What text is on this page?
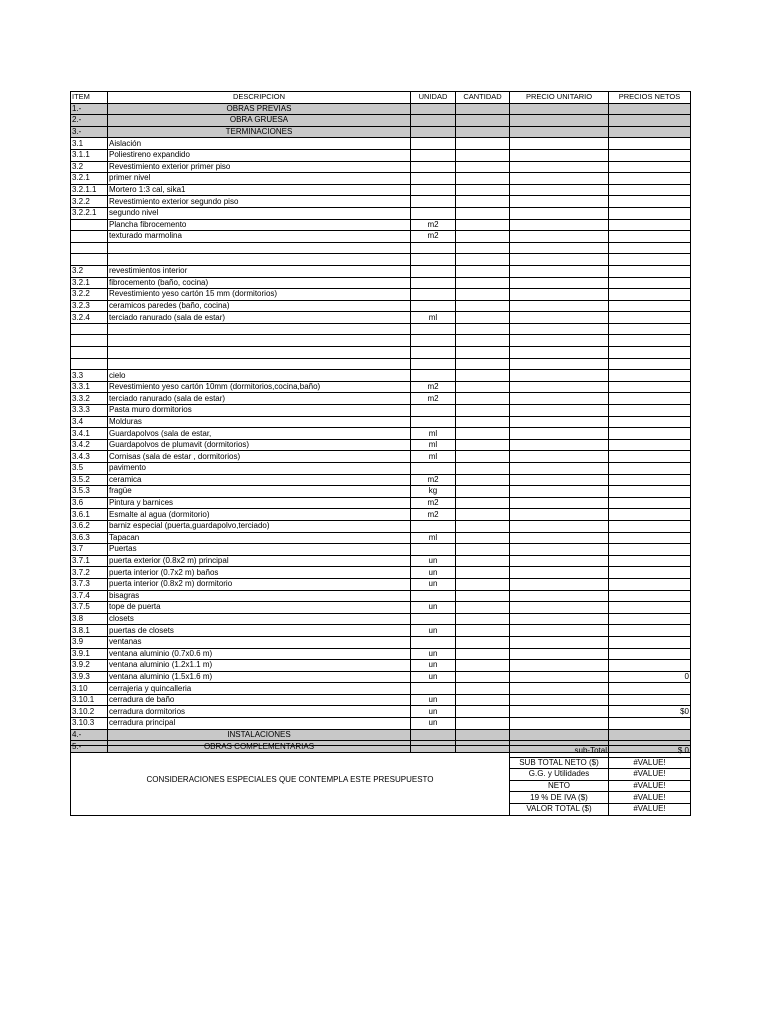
ITEM	DESCRIPCION	UNIDAD	CANTIDAD	PRECIO UNITARIO	PRECIOS NETOS
1.-	OBRAS PREVIAS				
2.-	OBRA GRUESA				
3.-	TERMINACIONES				
3.1	Aislación				
3.1.1	Poliestireno expandido				
3.2	Revestimiento exterior primer piso				
3.2.1	primer nivel				
3.2.1.1	Mortero 1:3 cal, sika1				
3.2.2	Revestimiento exterior segundo piso				
3.2.2.1	segundo nivel				
	Plancha fibrocemento	m2			
	texturado marmolina	m2			

3.2	revestimientos interior				
3.2.1	fibrocemento (baño, cocina)				
3.2.2	Revestimiento yeso cartón 15 mm (dormitorios)				
3.2.3	ceramicos paredes (baño, cocina)				
3.2.4	terciado ranurado (sala de estar)	ml			

3.3	cielo				
3.3.1	Revestimiento yeso cartón 10mm (dormitorios,cocina,baño)	m2			
3.3.2	terciado ranurado (sala de estar)	m2			
3.3.3	Pasta muro dormitorios				
3.4	Molduras				
3.4.1	Guardapolvos (sala de estar,	ml			
3.4.2	Guardapolvos de plumavit (dormitorios)	ml			
3.4.3	Cornisas (sala de estar , dormitorios)	ml			
3.5	pavimento				
3.5.2	ceramica	m2			
3.5.3	fragüe	kg			
3.6	Pintura y barnices	m2			
3.6.1	Esmalte al agua (dormitorio)	m2			
3.6.2	barniz especial (puerta,guardapolvo,terciado)				
3.6.3	Tapacan	ml			
3.7	Puertas				
3.7.1	puerta exterior (0.8x2 m) principal	un			
3.7.2	puerta interior (0.7x2 m) baños	un			
3.7.3	puerta interior (0.8x2 m) dormitorio	un			
3.7.4	bisagras				
3.7.5	tope de puerta	un			
3.8	closets				
3.8.1	puertas de closets	un			
3.9	ventanas				
3.9.1	ventana aluminio (0.7x0.6 m)	un			
3.9.2	ventana aluminio (1.2x1.1 m)	un			
3.9.3	ventana aluminio (1.5x1.6 m)	un			0
3.10	cerrajeria y quincalleria				
3.10.1	cerradura de baño	un			
3.10.2	cerradura dormitorios	un			$0
3.10.3	cerradura principal	un			
4.-	INSTALACIONES				
5.-	OBRAS COMPLEMENTARIAS				
CONSIDERACIONES ESPECIALES QUE CONTEMPLA ESTE PRESUPUESTO	sub-Total	$ 0
	SUB TOTAL NETO ($)	#VALUE!
	G.G. y Utilidades	#VALUE!
	NETO	#VALUE!
	19 % DE IVA ($)	#VALUE!
	VALOR TOTAL ($)	#VALUE!
